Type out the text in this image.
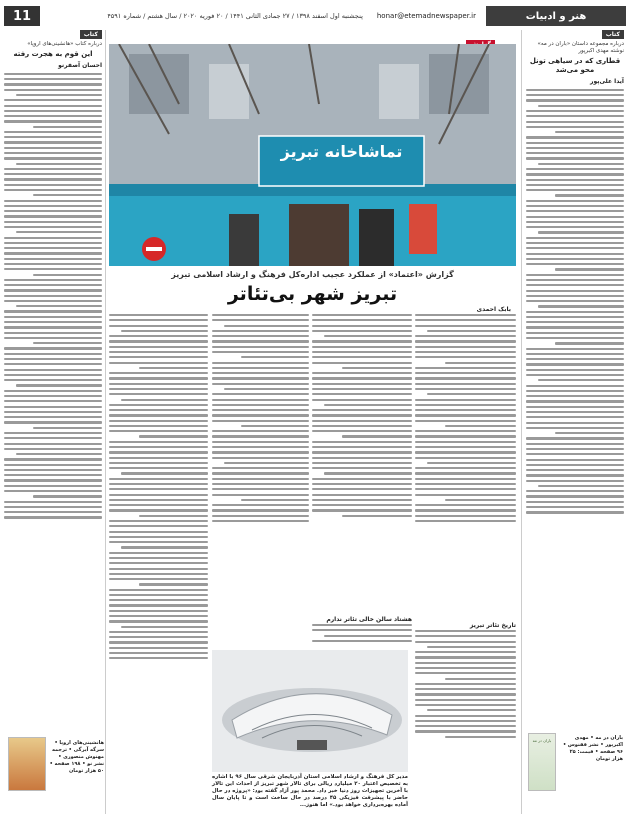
هنر و ادبیات
honar@etemadnewspaper.ir
پنجشنبه اول اسفند ۱۳۹۸ / ۲۷ جمادی الثانی ۱۴۴۱ / ۲۰ فوریه ۲۰۲۰ / سال هشتم / شماره ۴۵۹۱
11
کتاب
درباره مجموعه داستان «باران در مه» نوشته مهدی اکبرپور
قطاری که در سیاهی تونل محو می‌شد
آیدا علی‌پور
باران در مه	باران در مه • مهدی اکبرپور • نشر ققنوس • ۹۶ صفحه • قیمت: ۲۵ هزار تومان
تماشاخانه تبریز
گزارش «اعتماد» از عملکرد عجیب اداره‌کل فرهنگ و ارشاد اسلامی تبریز
تبریز شهر بی‌تئاتر
بابک احمدی
تاریخ تئاتر تبریز
هشتاد سالن خالی تئاتر ندارم
مدیر کل فرهنگ و ارشاد اسلامی استان آذربایجان شرقی سال ۹۶ با اشاره به تخصیص اعتبار ۲۰ میلیارد ریالی برای تالار شهر تبریز از احداث این تالار با آخرین تجهیزات روز دنیا خبر داد. محمد پور آزاد گفته بود: «پروژه در حال حاضر با پیشرفت فیزیکی ۴۵ درصد در حال ساخت است و تا پایان سال آماده بهره‌برداری خواهد بود.» اما هنوز...
کتاب
درباره کتاب «هانشینی‌های اروپا»
این قوم به هجرت رفته
احسان آصفرنو
هانشینی‌های اروپا • سرگه آیرگی • ترجمه مهنوش منصوری • نشر نو • ۱۹۸ صفحه • ۵۰ هزار تومان
